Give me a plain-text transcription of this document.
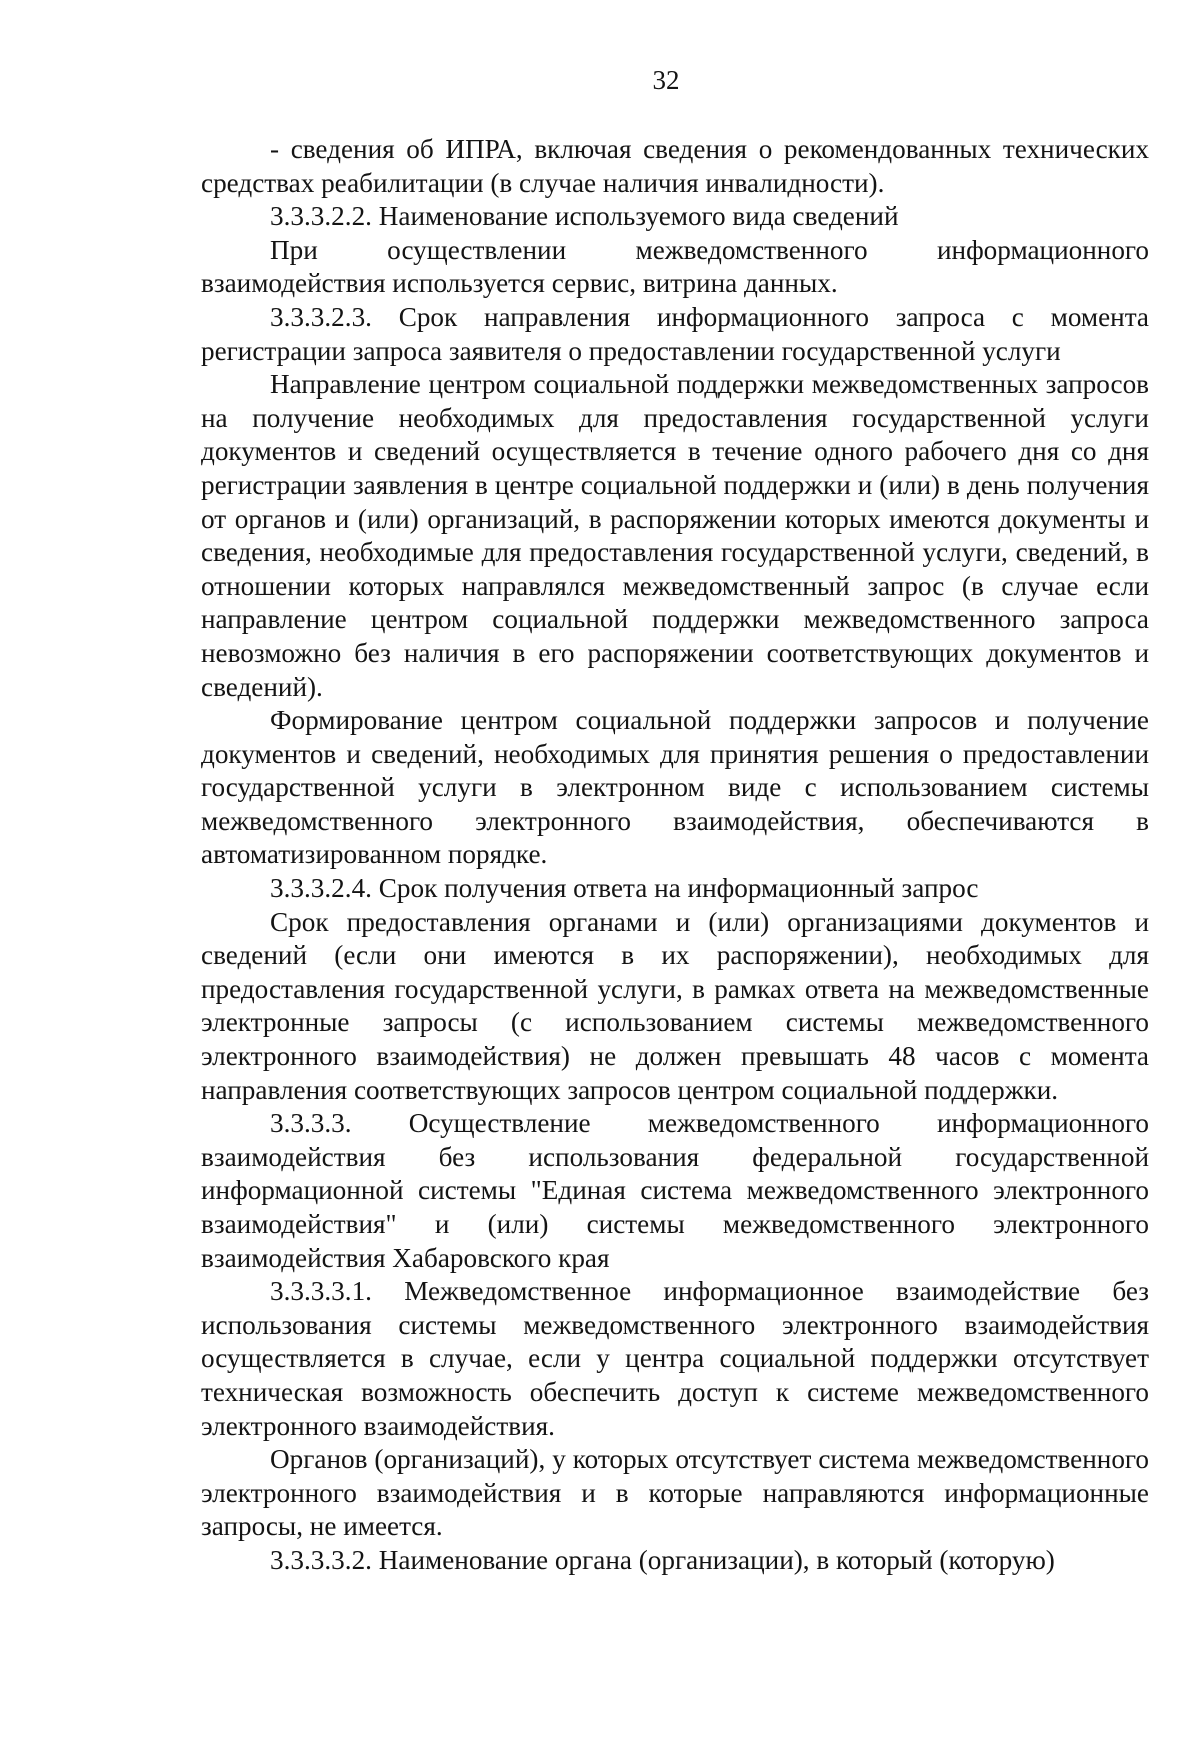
32

- сведения об ИПРА, включая сведения о рекомендованных технических средствах реабилитации (в случае наличия инвалидности).

3.3.3.2.2. Наименование используемого вида сведений

При осуществлении межведомственного информационного взаимодействия используется сервис, витрина данных.

3.3.3.2.3. Срок направления информационного запроса с момента регистрации запроса заявителя о предоставлении государственной услуги

Направление центром социальной поддержки межведомственных запросов на получение необходимых для предоставления государственной услуги документов и сведений осуществляется в течение одного рабочего дня со дня регистрации заявления в центре социальной поддержки и (или) в день получения от органов и (или) организаций, в распоряжении которых имеются документы и сведения, необходимые для предоставления государственной услуги, сведений, в отношении которых направлялся межведомственный запрос (в случае если направление центром социальной поддержки межведомственного запроса невозможно без наличия в его распоряжении соответствующих документов и сведений).

Формирование центром социальной поддержки запросов и получение документов и сведений, необходимых для принятия решения о предоставлении государственной услуги в электронном виде с использованием системы межведомственного электронного взаимодействия, обеспечиваются в автоматизированном порядке.

3.3.3.2.4. Срок получения ответа на информационный запрос

Срок предоставления органами и (или) организациями документов и сведений (если они имеются в их распоряжении), необходимых для предоставления государственной услуги, в рамках ответа на межведомственные электронные запросы (с использованием системы межведомственного электронного взаимодействия) не должен превышать 48 часов с момента направления соответствующих запросов центром социальной поддержки.

3.3.3.3. Осуществление межведомственного информационного взаимодействия без использования федеральной государственной информационной системы "Единая система межведомственного электронного взаимодействия" и (или) системы межведомственного электронного взаимодействия Хабаровского края

3.3.3.3.1. Межведомственное информационное взаимодействие без использования системы межведомственного электронного взаимодействия осуществляется в случае, если у центра социальной поддержки отсутствует техническая возможность обеспечить доступ к системе межведомственного электронного взаимодействия.

Органов (организаций), у которых отсутствует система межведомственного электронного взаимодействия и в которые направляются информационные запросы, не имеется.

3.3.3.3.2. Наименование органа (организации), в который (которую)
